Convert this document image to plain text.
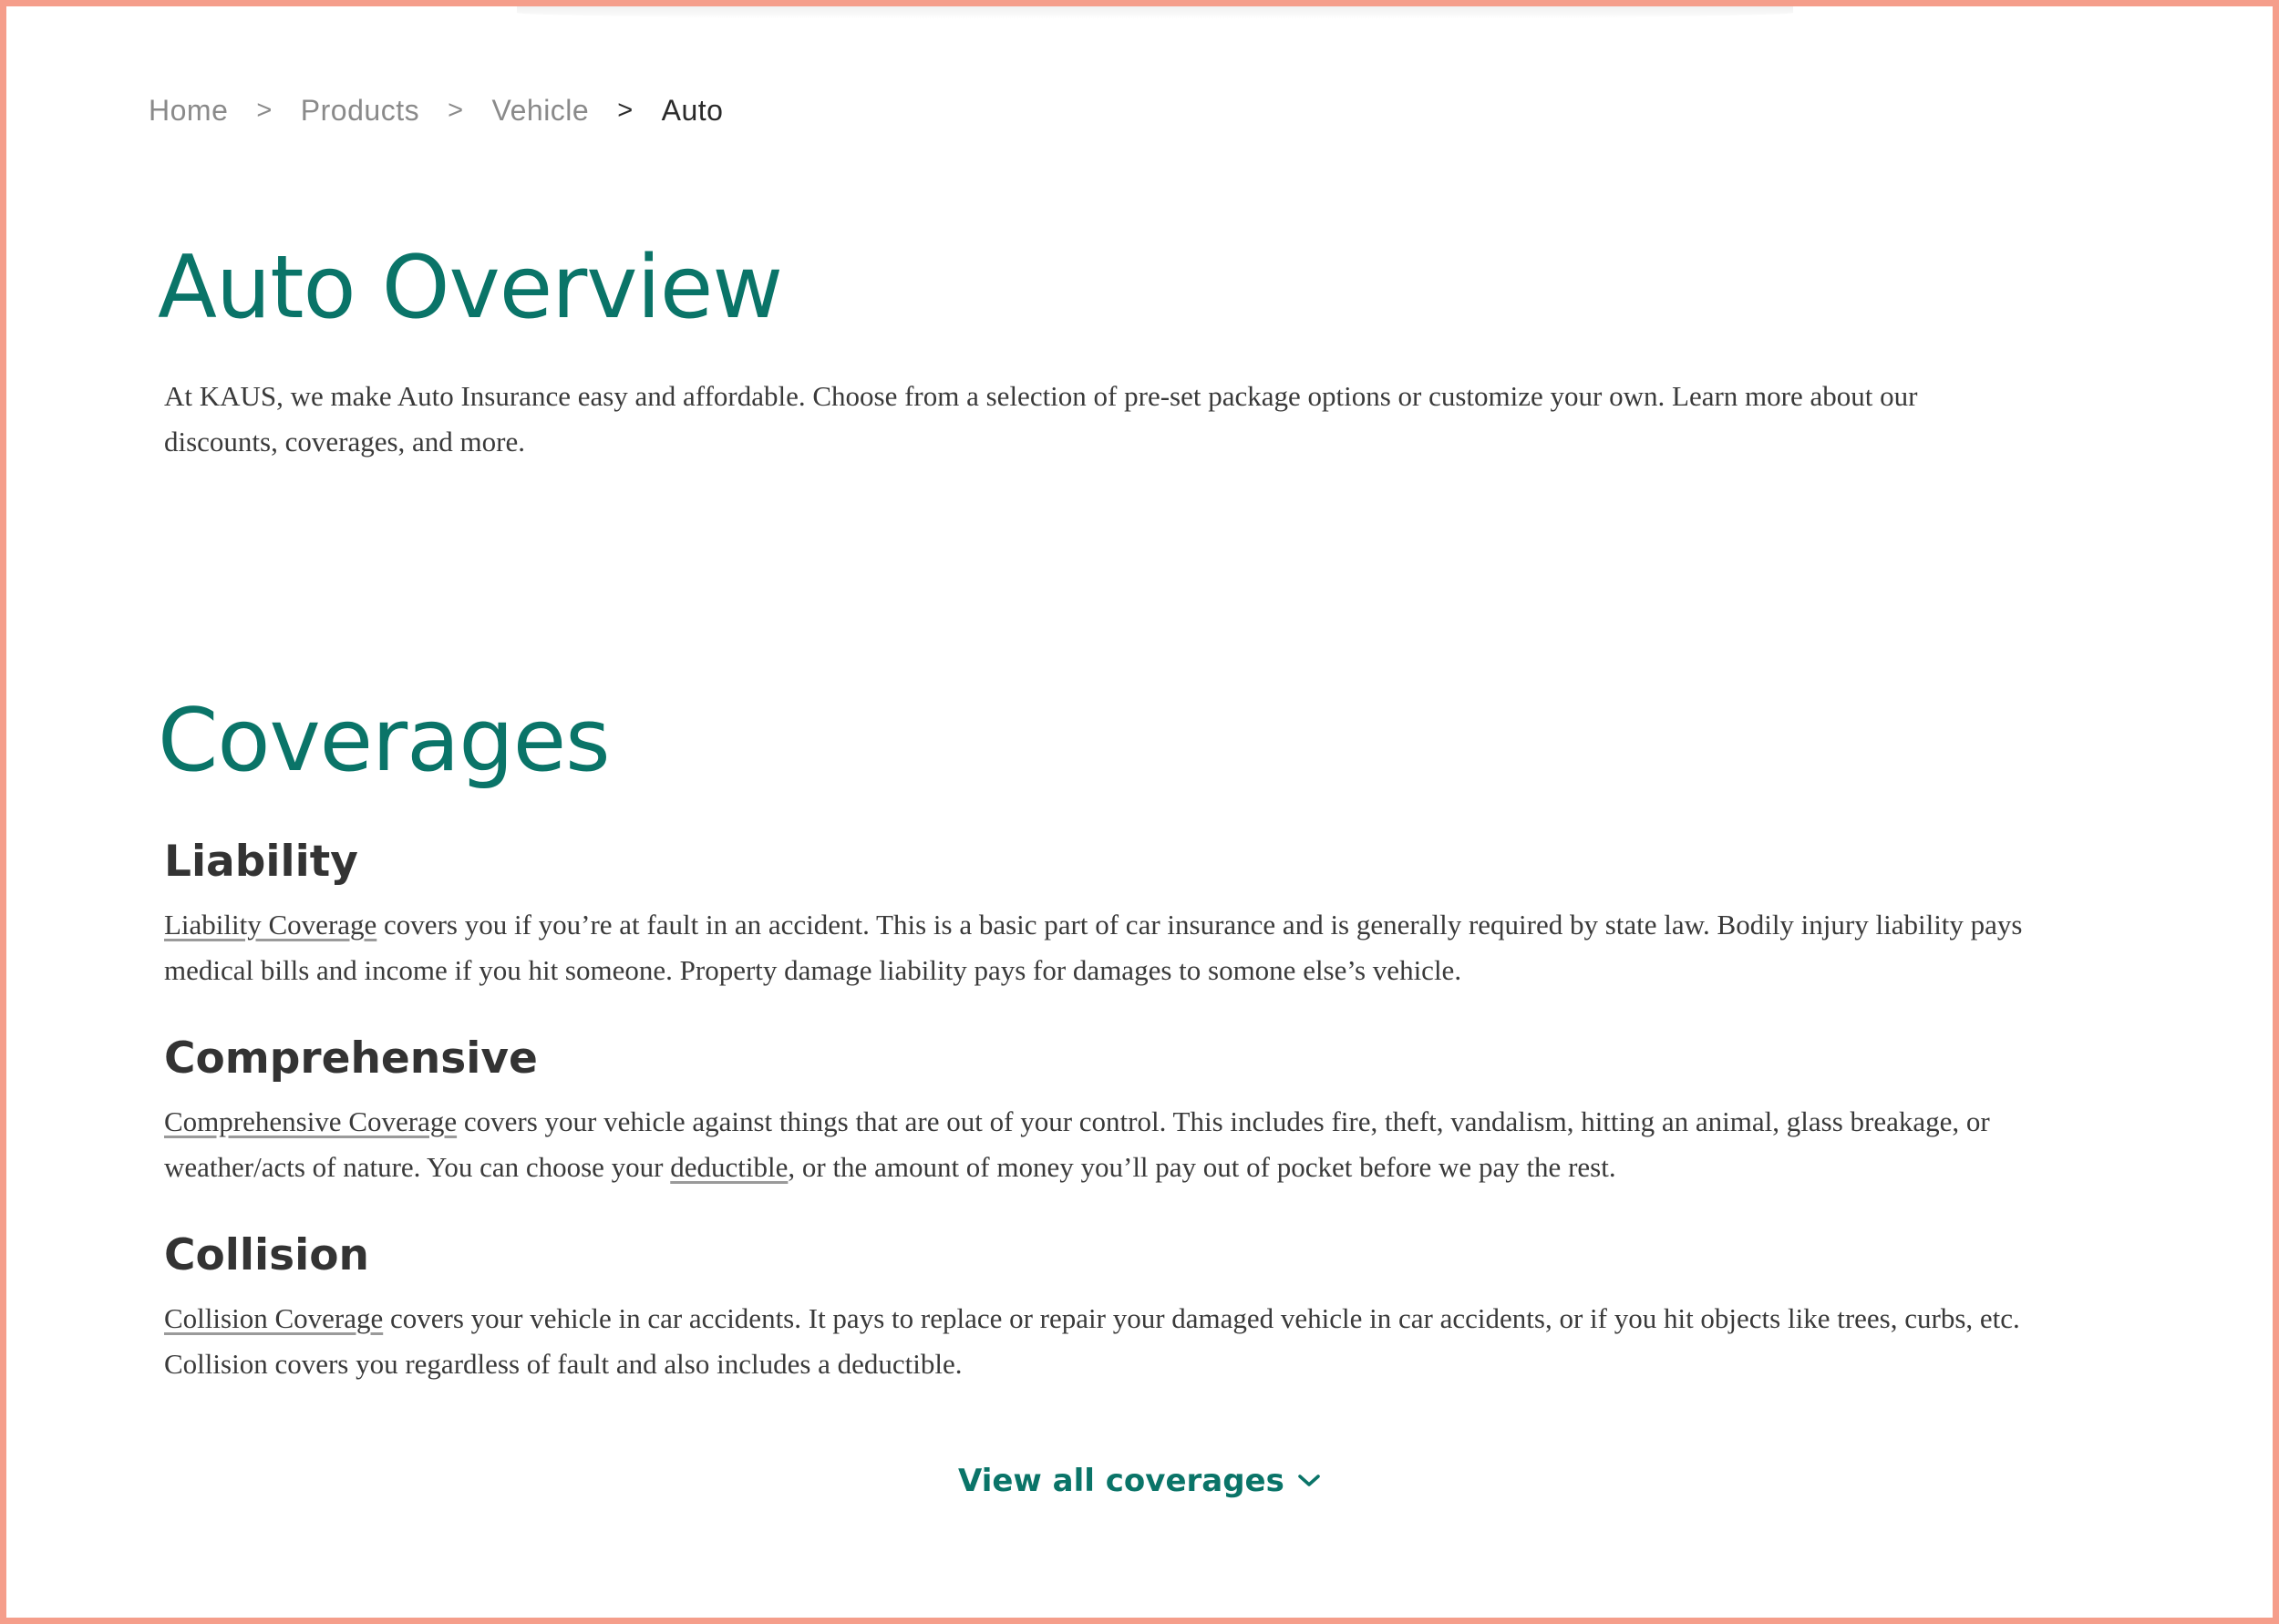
Home > Products > Vehicle > Auto
Auto Overview

At KAUS, we make Auto Insurance easy and affordable. Choose from a selection of pre-set package options or customize your own. Learn more about our discounts, coverages, and more.

Coverages
Liability

Liability Coverage covers you if you’re at fault in an accident. This is a basic part of car insurance and is generally required by state law. Bodily injury liability pays medical bills and income if you hit someone. Property damage liability pays for damages to somone else’s vehicle.

Comprehensive

Comprehensive Coverage covers your vehicle against things that are out of your control. This includes fire, theft, vandalism, hitting an animal, glass breakage, or weather/acts of nature. You can choose your deductible, or the amount of money you’ll pay out of pocket before we pay the rest.

Collision

Collision Coverage covers your vehicle in car accidents. It pays to replace or repair your damaged vehicle in car accidents, or if you hit objects like trees, curbs, etc. Collision covers you regardless of fault and also includes a deductible.

View all coverages
